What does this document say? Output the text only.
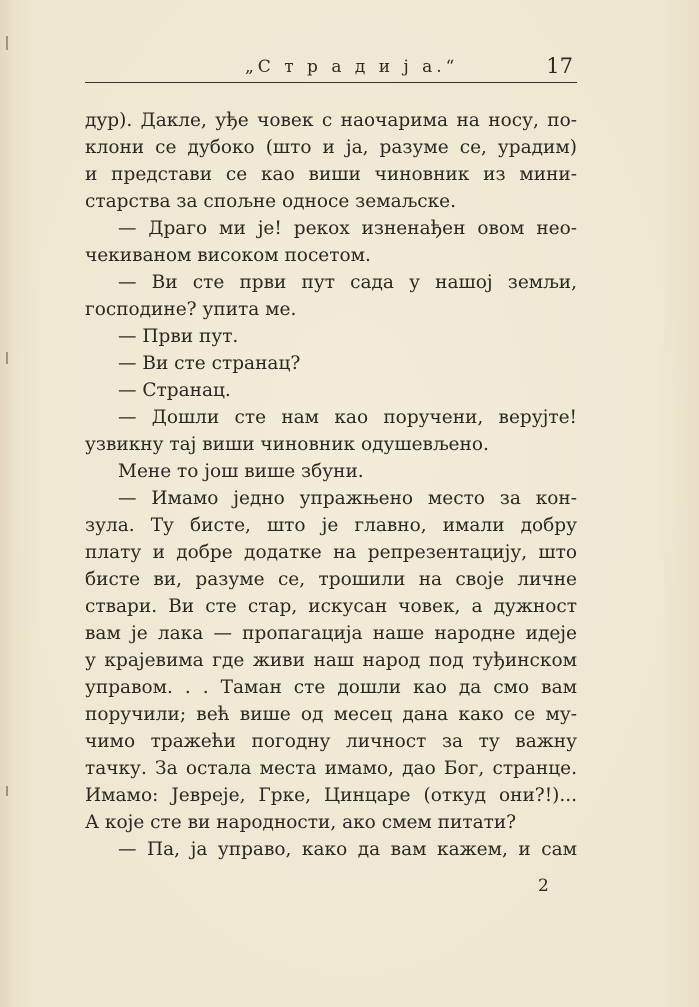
„С т р а д и ј а.“	17
дур). Дакле, уђе човек с наочарима на носу, по-
клони се дубоко (што и ја, разуме се, урадим)
и представи се као виши чиновник из мини-
старства за спољне односе земаљске.
— Драго ми је! рекох изненађен овом нео-
чекиваном високом посетом.
— Ви сте први пут сада у нашој земљи,
господине? упита ме.
— Први пут.
— Ви сте странац?
— Странац.
— Дошли сте нам као поручени, верујте!
узвикну тај виши чиновник одушевљено.
Мене то још више збуни.
— Имамо једно упражњено место за кон-
зула. Ту бисте, што је главно, имали добру
плату и добре додатке на репрезентацију, што
бисте ви, разуме се, трошили на своје личне
ствари. Ви сте стар, искусан човек, а дужност
вам је лака — пропагација наше народне идеје
у крајевима где живи наш народ под туђинском
управом. . . Таман сте дошли као да смо вам
поручили; већ више од месец дана како се му-
чимо тражећи погодну личност за ту важну
тачку. За остала места имамо, дао Бог, странце.
Имамо: Јевреје, Грке, Цинцаре (откуд они?!)...
А које сте ви народности, ако смем питати?
— Па, ја управо, како да вам кажем, и сам
2
